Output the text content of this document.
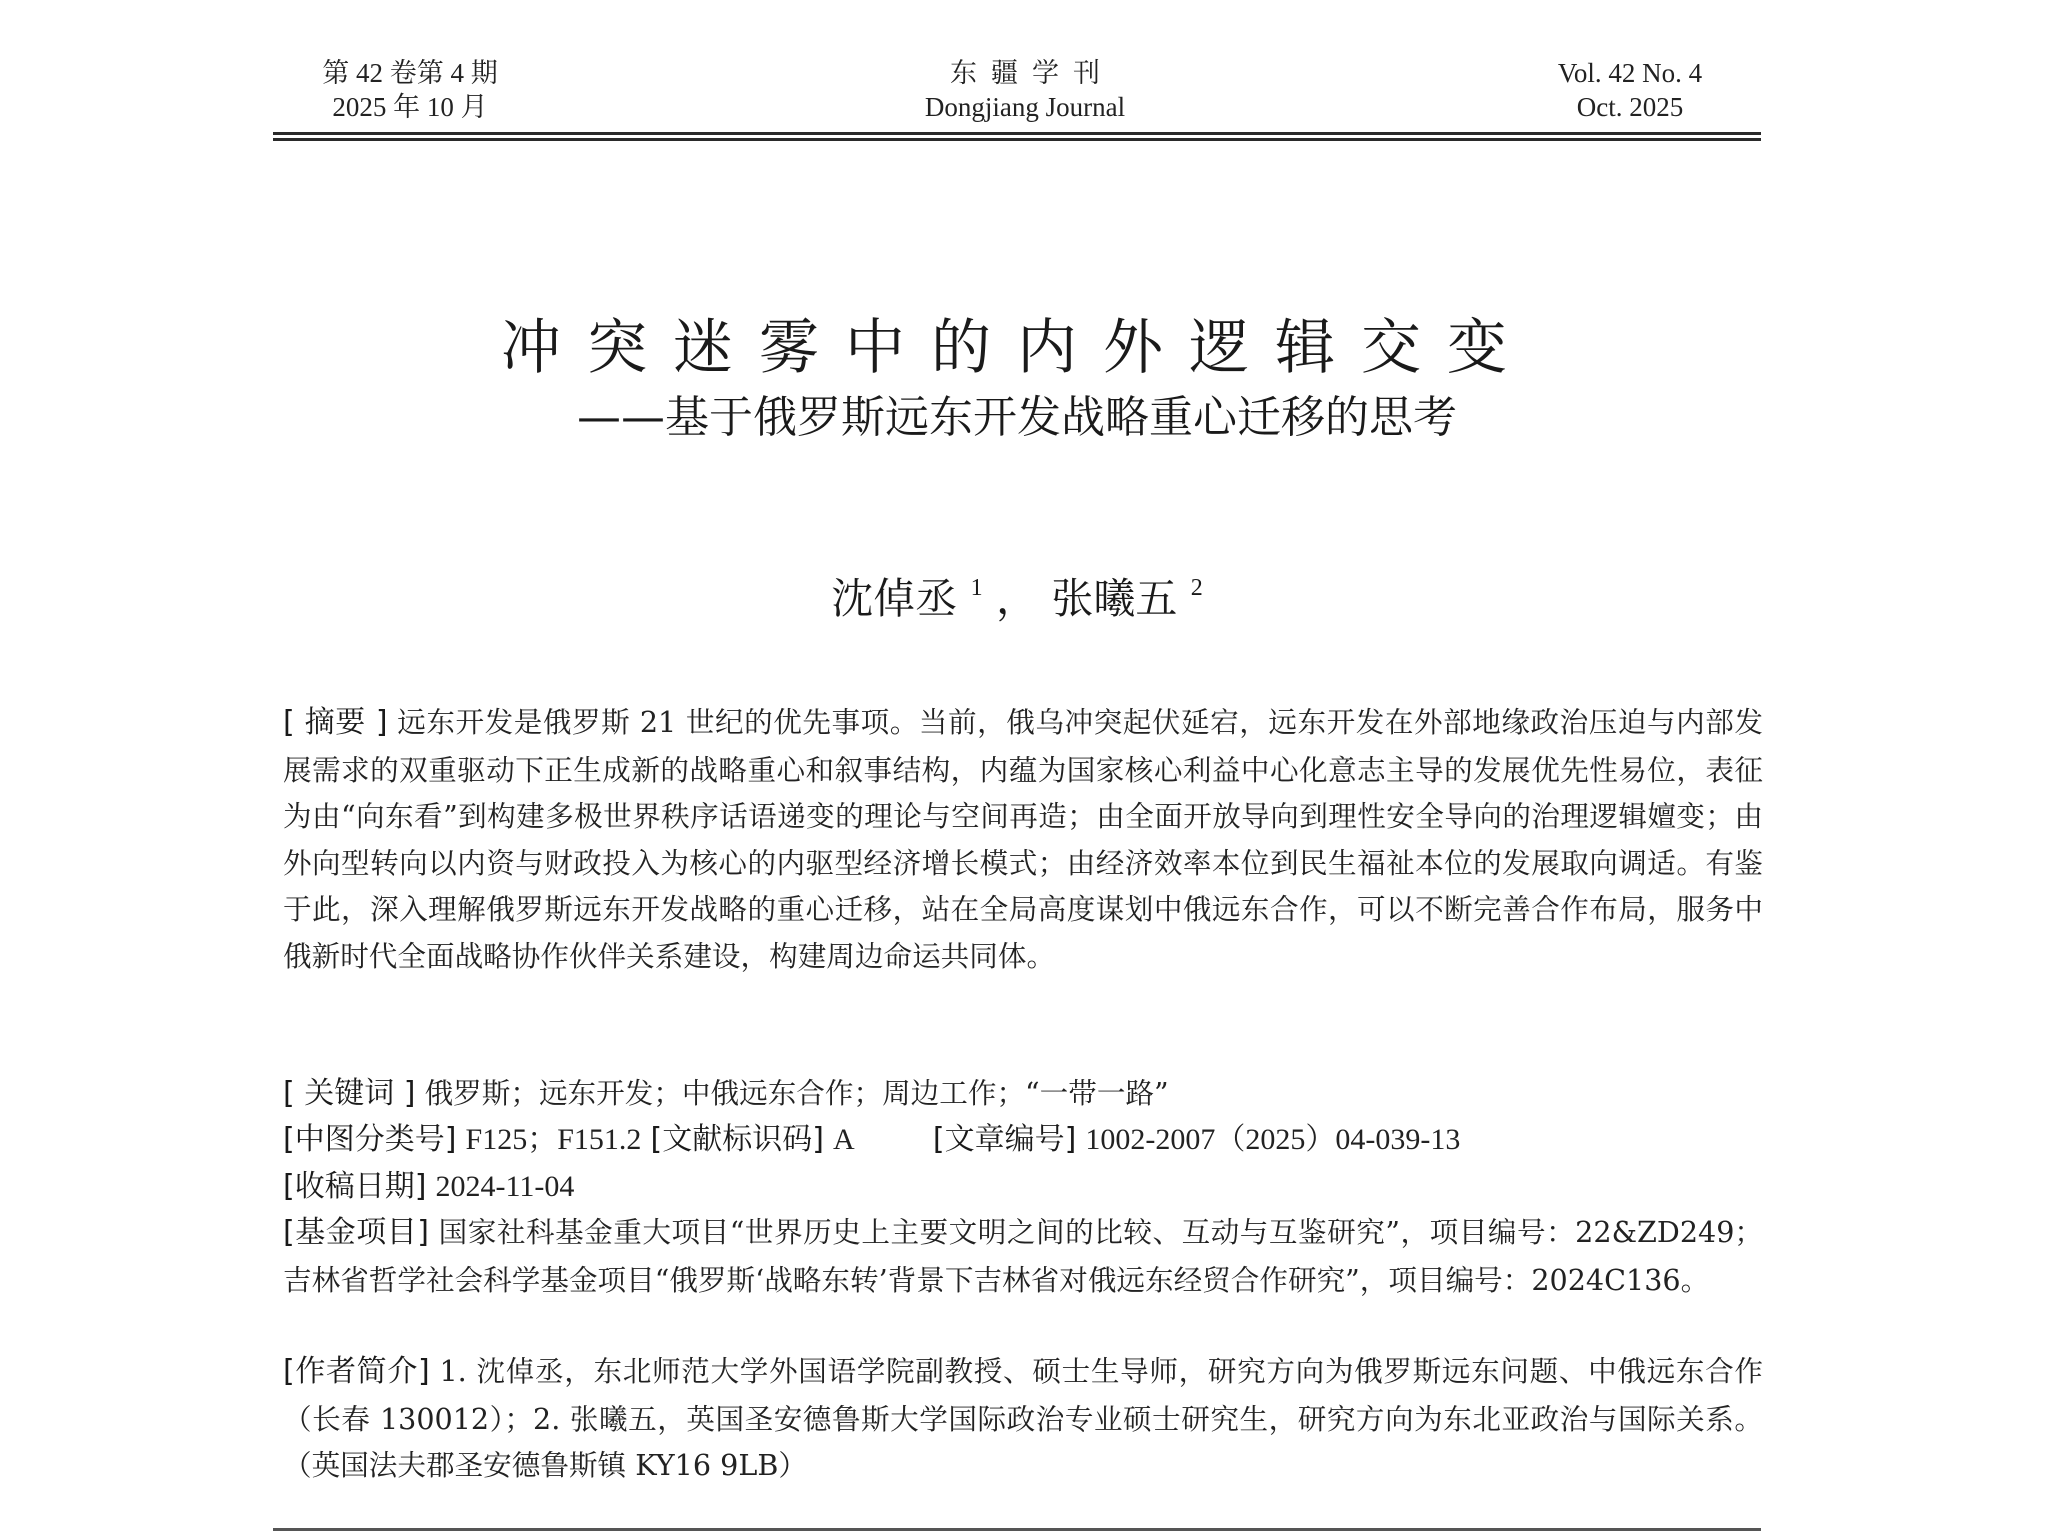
第 42 卷第 4 期
2025 年 10 月
东疆学刊
Dongjiang Journal
Vol. 42 No. 4
Oct. 2025
冲突迷雾中的内外逻辑交变
——基于俄罗斯远东开发战略重心迁移的思考
沈倬丞 $^1$ ， 张曦五 $^2$
[ 摘要 ] 远东开发是俄罗斯 21 世纪的优先事项。当前，俄乌冲突起伏延宕，远东开发在外部地缘政治压迫与内部发展需求的双重驱动下正生成新的战略重心和叙事结构，内蕴为国家核心利益中心化意志主导的发展优先性易位，表征为由“向东看”到构建多极世界秩序话语递变的理论与空间再造；由全面开放导向到理性安全导向的治理逻辑嬗变；由外向型转向以内资与财政投入为核心的内驱型经济增长模式；由经济效率本位到民生福祉本位的发展取向调适。有鉴于此，深入理解俄罗斯远东开发战略的重心迁移，站在全局高度谋划中俄远东合作，可以不断完善合作布局，服务中俄新时代全面战略协作伙伴关系建设，构建周边命运共同体。
[ 关键词 ] 俄罗斯；远东开发；中俄远东合作；周边工作；“一带一路”
[中图分类号] F125；F151.2 [文献标识码] A	[文章编号] 1002-2007（2025）04-039-13
[收稿日期] 2024-11-04
[基金项目] 国家社科基金重大项目“世界历史上主要文明之间的比较、互动与互鉴研究”，项目编号：22&ZD249；吉林省哲学社会科学基金项目“俄罗斯‘战略东转’背景下吉林省对俄远东经贸合作研究”，项目编号：2024C136。
[作者简介] 1. 沈倬丞，东北师范大学外国语学院副教授、硕士生导师，研究方向为俄罗斯远东问题、中俄远东合作（长春 130012）；2. 张曦五，英国圣安德鲁斯大学国际政治专业硕士研究生，研究方向为东北亚政治与国际关系。（英国法夫郡圣安德鲁斯镇 KY16 9LB）
